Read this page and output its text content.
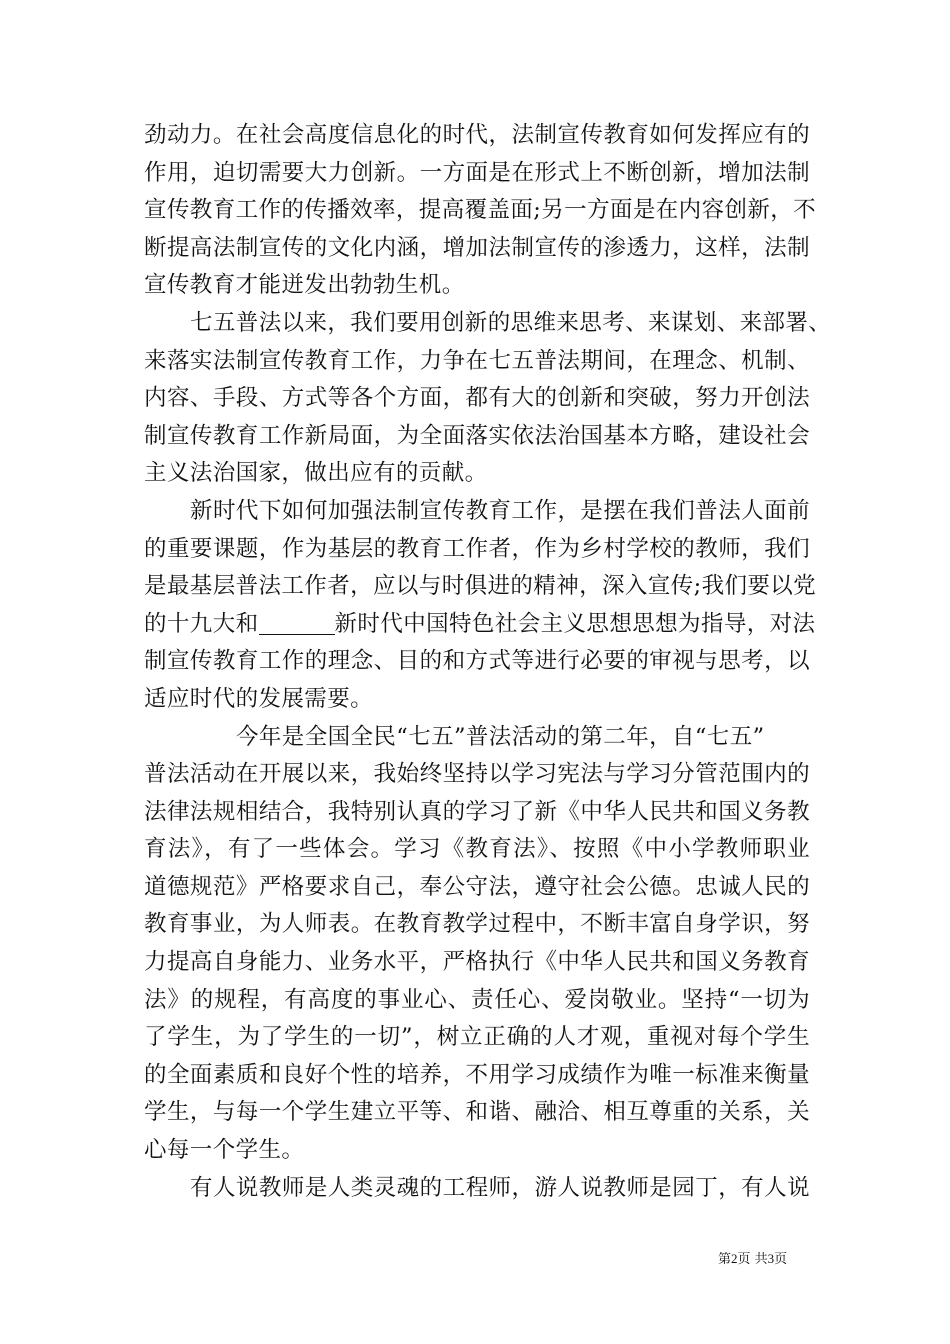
劲动力。在社会高度信息化的时代，法制宣传教育如何发挥应有的
作用，迫切需要大力创新。一方面是在形式上不断创新，增加法制
宣传教育工作的传播效率，提高覆盖面;另一方面是在内容创新，不
断提高法制宣传的文化内涵，增加法制宣传的渗透力，这样，法制
宣传教育才能迸发出勃勃生机。
七五普法以来，我们要用创新的思维来思考、来谋划、来部署、
来落实法制宣传教育工作，力争在七五普法期间，在理念、机制、
内容、手段、方式等各个方面，都有大的创新和突破，努力开创法
制宣传教育工作新局面，为全面落实依法治国基本方略，建设社会
主义法治国家，做出应有的贡献。
新时代下如何加强法制宣传教育工作，是摆在我们普法人面前
的重要课题，作为基层的教育工作者，作为乡村学校的教师，我们
是最基层普法工作者，应以与时俱进的精神，深入宣传;我们要以党
的十九大和	新时代中国特色社会主义思想思想为指导，对法
制宣传教育工作的理念、目的和方式等进行必要的审视与思考，以
适应时代的发展需要。
今年是全国全民“七五”普法活动的第二年，自“七五”
普法活动在开展以来，我始终坚持以学习宪法与学习分管范围内的
法律法规相结合，我特别认真的学习了新《中华人民共和国义务教
育法》，有了一些体会。学习《教育法》、按照《中小学教师职业
道德规范》严格要求自己，奉公守法，遵守社会公德。忠诚人民的
教育事业，为人师表。在教育教学过程中，不断丰富自身学识，努
力提高自身能力、业务水平，严格执行《中华人民共和国义务教育
法》的规程，有高度的事业心、责任心、爱岗敬业。坚持“一切为
了学生，为了学生的一切”，树立正确的人才观，重视对每个学生
的全面素质和良好个性的培养，不用学习成绩作为唯一标准来衡量
学生，与每一个学生建立平等、和谐、融洽、相互尊重的关系，关
心每一个学生。
有人说教师是人类灵魂的工程师，游人说教师是园丁，有人说
第2页 共3页
